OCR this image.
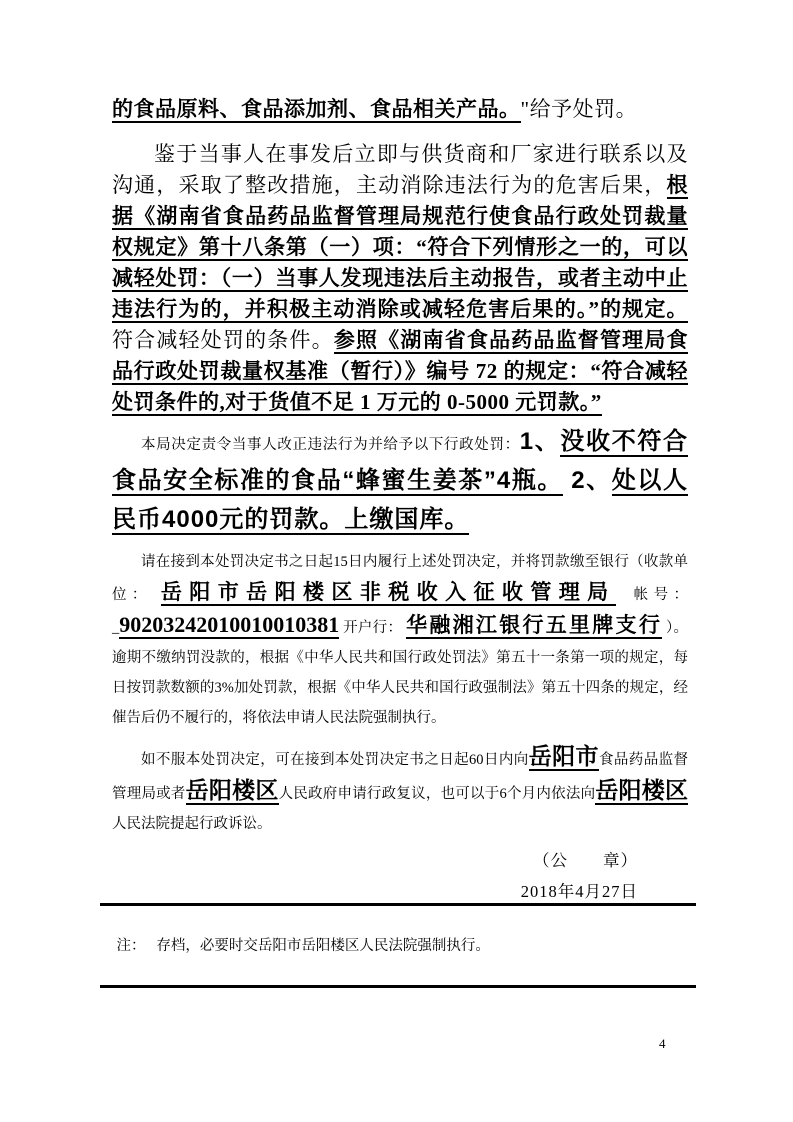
的食品原料、食品添加剂、食品相关产品。"给予处罚。

鉴于当事人在事发后立即与供货商和厂家进行联系以及沟通，采取了整改措施，主动消除违法行为的危害后果，根据《湖南省食品药品监督管理局规范行使食品行政处罚裁量权规定》第十八条第（一）项：“符合下列情形之一的，可以减轻处罚：（一）当事人发现违法后主动报告，或者主动中止违法行为的，并积极主动消除或减轻危害后果的。”的规定。符合减轻处罚的条件。参照《湖南省食品药品监督管理局食品行政处罚裁量权基准（暂行）》编号 72 的规定：“符合减轻处罚条件的,对于货值不足 1 万元的 0-5000 元罚款。”

本局决定责令当事人改正违法行为并给予以下行政处罚：1、没收不符合食品安全标准的食品“蜂蜜生姜茶”4瓶。 2、处以人民币4000元的罚款。上缴国库。

请在接到本处罚决定书之日起15日内履行上述处罚决定，并将罚款缴至银行（收款单位： 岳阳市岳阳楼区非税收入征收管理局  帐号：_90203242010010010381 开户行： 华融湘江银行五里牌支行 ）。逾期不缴纳罚没款的，根据《中华人民共和国行政处罚法》第五十一条第一项的规定，每日按罚款数额的3%加处罚款，根据《中华人民共和国行政强制法》第五十四条的规定，经催告后仍不履行的，将依法申请人民法院强制执行。

如不服本处罚决定，可在接到本处罚决定书之日起60日内向岳阳市食品药品监督管理局或者岳阳楼区人民政府申请行政复议，也可以于6个月内依法向岳阳楼区人民法院提起行政诉讼。

（公　　章）
2018年4月27日

注：   存档，必要时交岳阳市岳阳楼区人民法院强制执行。

4
